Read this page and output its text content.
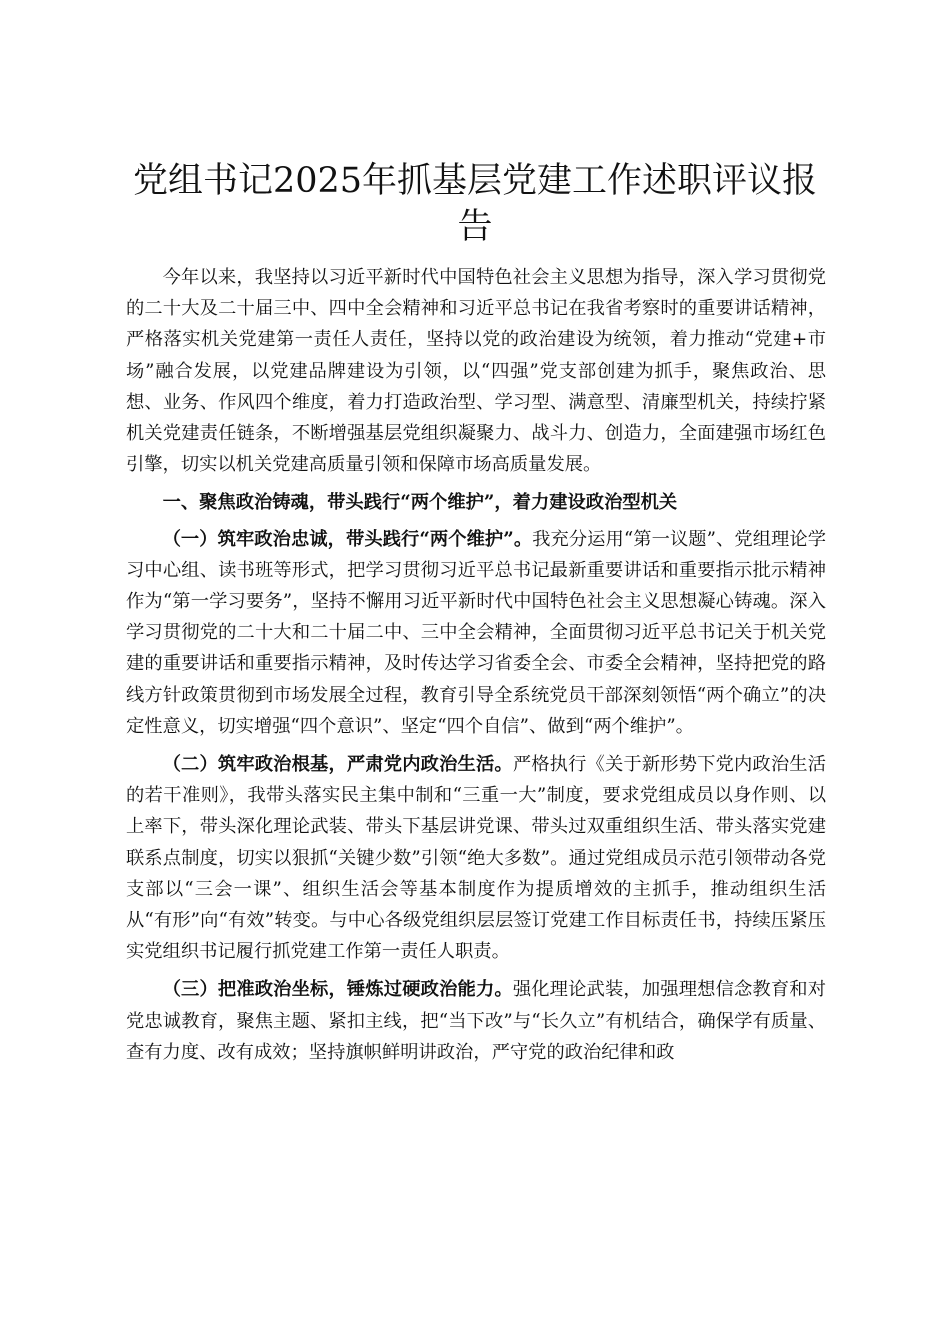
党组书记2025年抓基层党建工作述职评议报告

今年以来，我坚持以习近平新时代中国特色社会主义思想为指导，深入学习贯彻党的二十大及二十届三中、四中全会精神和习近平总书记在我省考察时的重要讲话精神，严格落实机关党建第一责任人责任，坚持以党的政治建设为统领，着力推动“党建+市场”融合发展，以党建品牌建设为引领，以“四强”党支部创建为抓手，聚焦政治、思想、业务、作风四个维度，着力打造政治型、学习型、满意型、清廉型机关，持续拧紧机关党建责任链条，不断增强基层党组织凝聚力、战斗力、创造力，全面建强市场红色引擎，切实以机关党建高质量引领和保障市场高质量发展。

一、聚焦政治铸魂，带头践行“两个维护”，着力建设政治型机关

（一）筑牢政治忠诚，带头践行“两个维护”。我充分运用“第一议题”、党组理论学习中心组、读书班等形式，把学习贯彻习近平总书记最新重要讲话和重要指示批示精神作为“第一学习要务”，坚持不懈用习近平新时代中国特色社会主义思想凝心铸魂。深入学习贯彻党的二十大和二十届二中、三中全会精神，全面贯彻习近平总书记关于机关党建的重要讲话和重要指示精神，及时传达学习省委全会、市委全会精神，坚持把党的路线方针政策贯彻到市场发展全过程，教育引导全系统党员干部深刻领悟“两个确立”的决定性意义，切实增强“四个意识”、坚定“四个自信”、做到“两个维护”。

（二）筑牢政治根基，严肃党内政治生活。严格执行《关于新形势下党内政治生活的若干准则》，我带头落实民主集中制和“三重一大”制度，要求党组成员以身作则、以上率下，带头深化理论武装、带头下基层讲党课、带头过双重组织生活、带头落实党建联系点制度，切实以狠抓“关键少数”引领“绝大多数”。通过党组成员示范引领带动各党支部以“三会一课”、组织生活会等基本制度作为提质增效的主抓手，推动组织生活从“有形”向“有效”转变。与中心各级党组织层层签订党建工作目标责任书，持续压紧压实党组织书记履行抓党建工作第一责任人职责。

（三）把准政治坐标，锤炼过硬政治能力。强化理论武装，加强理想信念教育和对党忠诚教育，聚焦主题、紧扣主线，把“当下改”与“长久立”有机结合，确保学有质量、查有力度、改有成效；坚持旗帜鲜明讲政治，严守党的政治纪律和政
